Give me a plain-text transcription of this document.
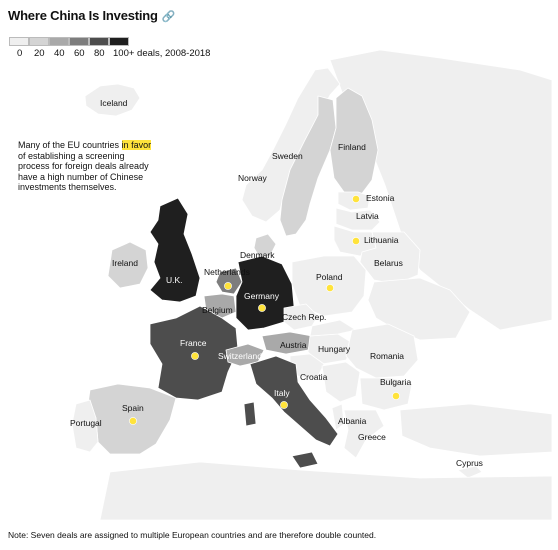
Where China Is Investing 🔗
0 20 40 60 80 100+ deals, 2008-2018
Iceland
Ireland
U.K.
Norway
Sweden
Finland
Estonia
Latvia
Lithuania
Belarus
Denmark
Netherlands
Belgium
Germany
Poland
Czech Rep.
France
Switzerland
Austria Hungary
Romania
Croatia	Bulgaria
Italy
Spain
Portugal	Albania
Greece
Cyprus
Many of the EU countries in favor of establishing a screening process for foreign deals already have a high number of Chinese investments themselves.
Note: Seven deals are assigned to multiple European countries and are therefore double counted.
